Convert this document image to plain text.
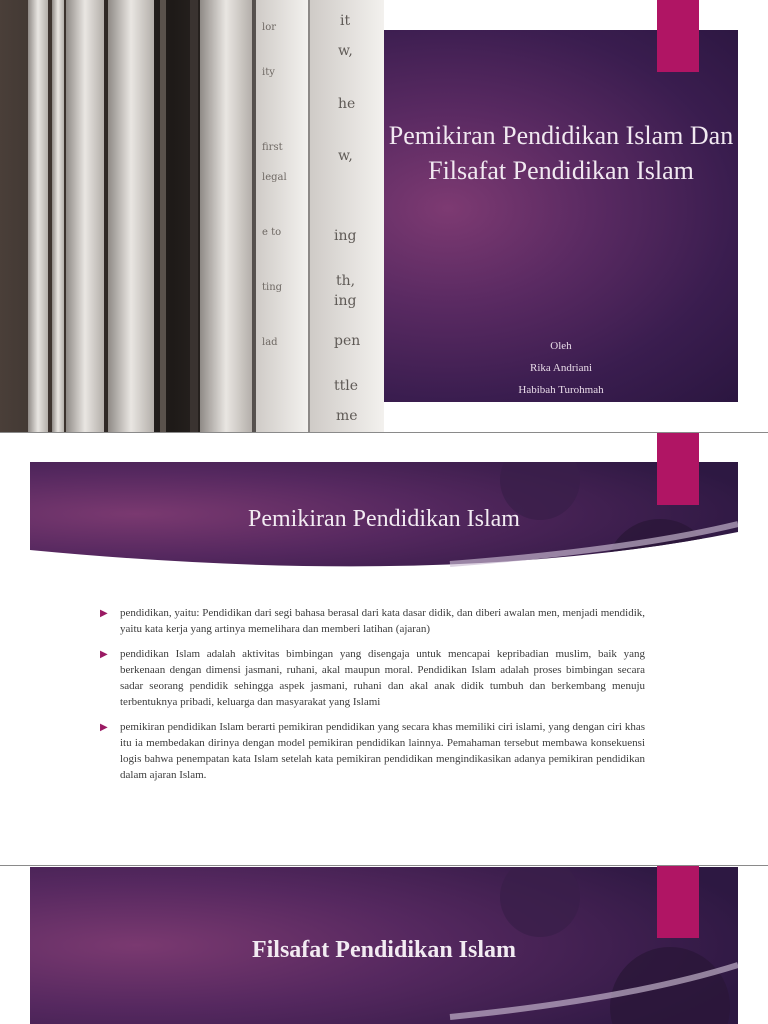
it
w,
he
w,
ing
th,
ing
pen
ttle
me
lor
ity
first
legal
e to
ting
lad
Pemikiran Pendidikan Islam Dan Filsafat Pendidikan Islam
Oleh
Rika Andriani
Habibah Turohmah
Pemikiran Pendidikan Islam
▶ pendidikan, yaitu: Pendidikan dari segi bahasa berasal dari kata dasar didik, dan diberi awalan men, menjadi mendidik, yaitu kata kerja yang artinya memelihara dan memberi latihan (ajaran)
▶ pendidikan Islam adalah aktivitas bimbingan yang disengaja untuk mencapai kepribadian muslim, baik yang berkenaan dengan dimensi jasmani, ruhani, akal maupun moral. Pendidikan Islam adalah proses bimbingan secara sadar seorang pendidik sehingga aspek jasmani, ruhani dan akal anak didik tumbuh dan berkembang menuju terbentuknya pribadi, keluarga dan masyarakat yang Islami
▶ pemikiran pendidikan Islam berarti pemikiran pendidikan yang secara khas memiliki ciri islami, yang dengan ciri khas itu ia membedakan dirinya dengan model pemikiran pendidikan lainnya. Pemahaman tersebut membawa konsekuensi logis bahwa penempatan kata Islam setelah kata pemikiran pendidikan mengindikasikan adanya pemikiran pendidikan dalam ajaran Islam.
Filsafat Pendidikan Islam
